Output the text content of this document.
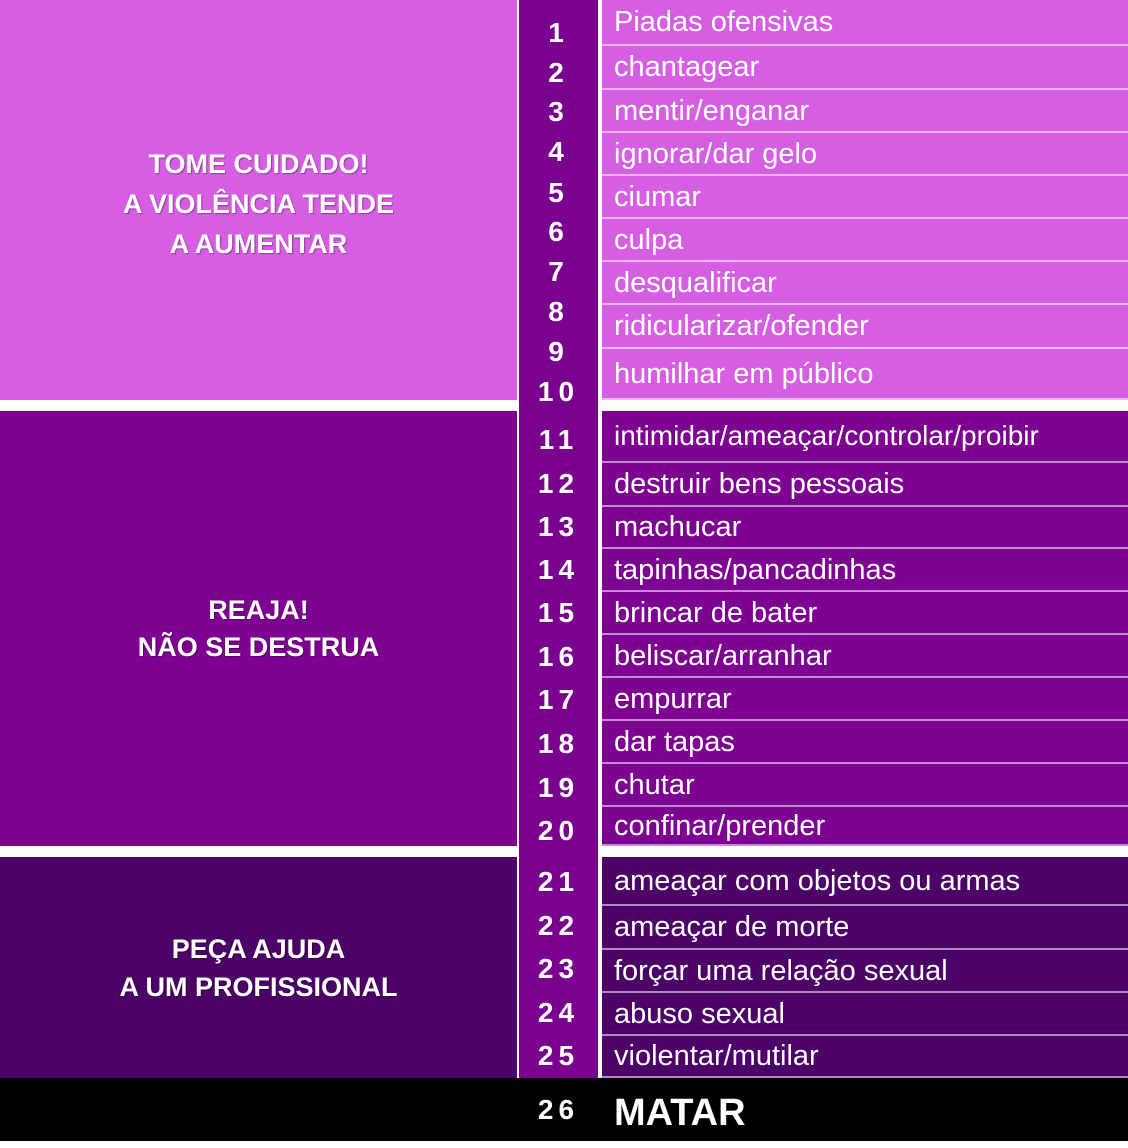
TOME CUIDADO!
A VIOLÊNCIA TENDE
A AUMENTAR
REAJA!
NÃO SE DESTRUA
PEÇA AJUDA
A UM PROFISSIONAL
1
2
3
4
5
6
7
8
9
10
11
12
13
14
15
16
17
18
19
20
21
22
23
24
25
Piadas ofensivas
chantagear
mentir/enganar
ignorar/dar gelo
ciumar
culpa
desqualificar
ridicularizar/ofender
humilhar em público
intimidar/ameaçar/controlar/proibir
destruir bens pessoais
machucar
tapinhas/pancadinhas
brincar de bater
beliscar/arranhar
empurrar
dar tapas
chutar
confinar/prender
ameaçar com objetos ou armas
ameaçar de morte
forçar uma relação sexual
abuso sexual
violentar/mutilar
26 MATAR
